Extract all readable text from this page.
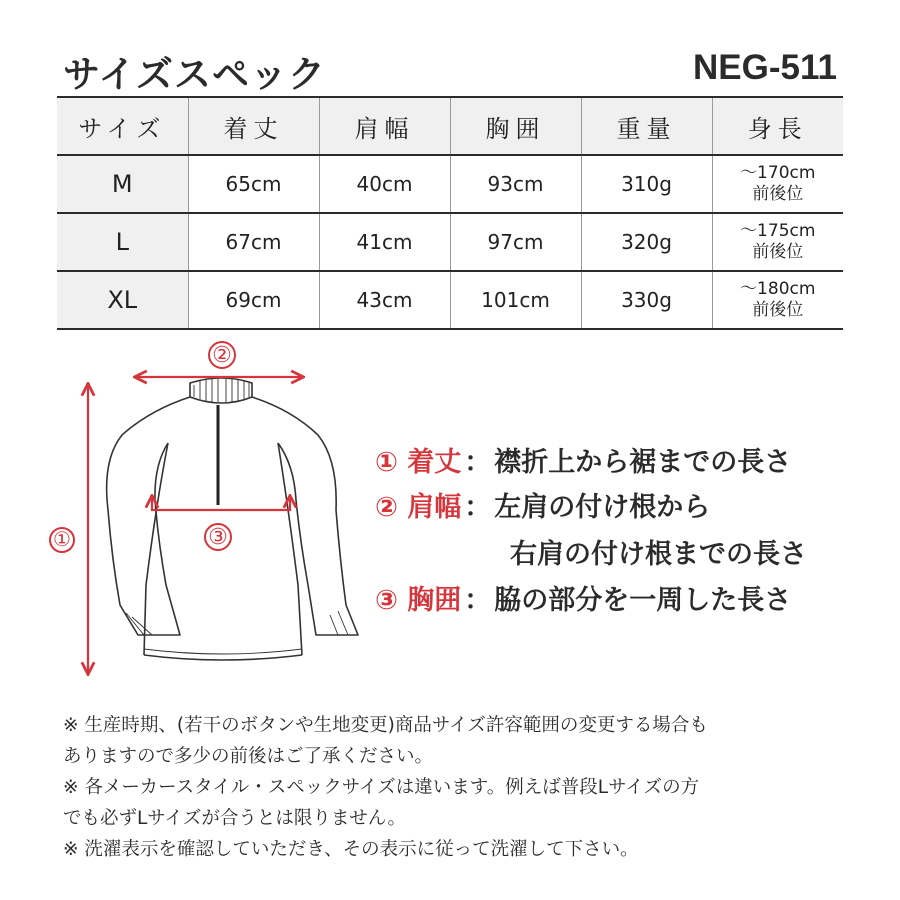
サイズスペック	NEG-511
サイズ	着丈	肩幅	胸囲	重量	身長
M	65cm	40cm	93cm	310g	～170cm
前後位

L	67cm	41cm	97cm	320g	～175cm
前後位

XL	69cm	43cm	101cm	330g	～180cm
前後位
①
②
③
① 着丈 ： 襟折上から裾までの長さ
② 肩幅 ： 左肩の付け根から
右肩の付け根までの長さ
③ 胸囲 ： 脇の部分を一周した長さ

※ 生産時期、(若干のボタンや生地変更)商品サイズ許容範囲の変更する場合も

ありますので多少の前後はご了承ください。

※ 各メーカースタイル・スペックサイズは違います。例えば普段Lサイズの方

でも必ずLサイズが合うとは限りません。

※ 洗濯表示を確認していただき、その表示に従って洗濯して下さい。
